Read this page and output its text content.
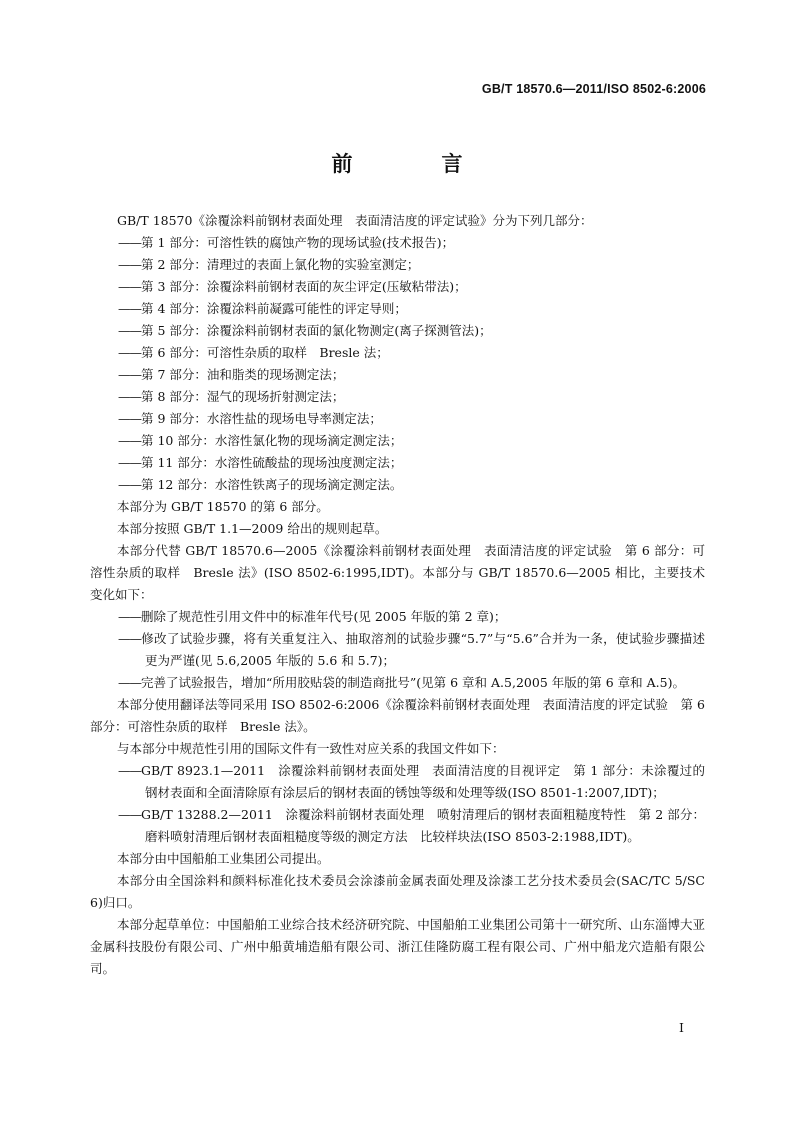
GB/T 18570.6—2011/ISO 8502-6:2006
前　言

GB/T 18570《涂覆涂料前钢材表面处理　表面清洁度的评定试验》分为下列几部分：

—— 第 1 部分：可溶性铁的腐蚀产物的现场试验(技术报告)；

—— 第 2 部分：清理过的表面上氯化物的实验室测定；

—— 第 3 部分：涂覆涂料前钢材表面的灰尘评定(压敏粘带法)；

—— 第 4 部分：涂覆涂料前凝露可能性的评定导则；

—— 第 5 部分：涂覆涂料前钢材表面的氯化物测定(离子探测管法)；

—— 第 6 部分：可溶性杂质的取样　Bresle 法；

—— 第 7 部分：油和脂类的现场测定法；

—— 第 8 部分：湿气的现场折射测定法；

—— 第 9 部分：水溶性盐的现场电导率测定法；

—— 第 10 部分：水溶性氯化物的现场滴定测定法；

—— 第 11 部分：水溶性硫酸盐的现场浊度测定法；

—— 第 12 部分：水溶性铁离子的现场滴定测定法。

本部分为 GB/T 18570 的第 6 部分。

本部分按照 GB/T 1.1—2009 给出的规则起草。

本部分代替 GB/T 18570.6—2005《涂覆涂料前钢材表面处理　表面清洁度的评定试验　第 6 部分：可溶性杂质的取样　Bresle 法》(ISO 8502-6:1995,IDT)。本部分与 GB/T 18570.6—2005 相比，主要技术变化如下：

—— 删除了规范性引用文件中的标准年代号(见 2005 年版的第 2 章)；

—— 修改了试验步骤，将有关重复注入、抽取溶剂的试验步骤“5.7”与“5.6”合并为一条，使试验步骤描述更为严谨(见 5.6,2005 年版的 5.6 和 5.7)；

—— 完善了试验报告，增加“所用胶贴袋的制造商批号”(见第 6 章和 A.5,2005 年版的第 6 章和 A.5)。

本部分使用翻译法等同采用 ISO 8502-6:2006《涂覆涂料前钢材表面处理　表面清洁度的评定试验　第 6 部分：可溶性杂质的取样　Bresle 法》。

与本部分中规范性引用的国际文件有一致性对应关系的我国文件如下：

—— GB/T 8923.1—2011　涂覆涂料前钢材表面处理　表面清洁度的目视评定　第 1 部分：未涂覆过的钢材表面和全面清除原有涂层后的钢材表面的锈蚀等级和处理等级(ISO 8501-1:2007,IDT)；

—— GB/T 13288.2—2011　涂覆涂料前钢材表面处理　喷射清理后的钢材表面粗糙度特性　第 2 部分：磨料喷射清理后钢材表面粗糙度等级的测定方法　比较样块法(ISO 8503-2:1988,IDT)。

本部分由中国船舶工业集团公司提出。

本部分由全国涂料和颜料标准化技术委员会涂漆前金属表面处理及涂漆工艺分技术委员会(SAC/TC 5/SC 6)归口。

本部分起草单位：中国船舶工业综合技术经济研究院、中国船舶工业集团公司第十一研究所、山东淄博大亚金属科技股份有限公司、广州中船黄埔造船有限公司、浙江佳隆防腐工程有限公司、广州中船龙穴造船有限公司。

I
